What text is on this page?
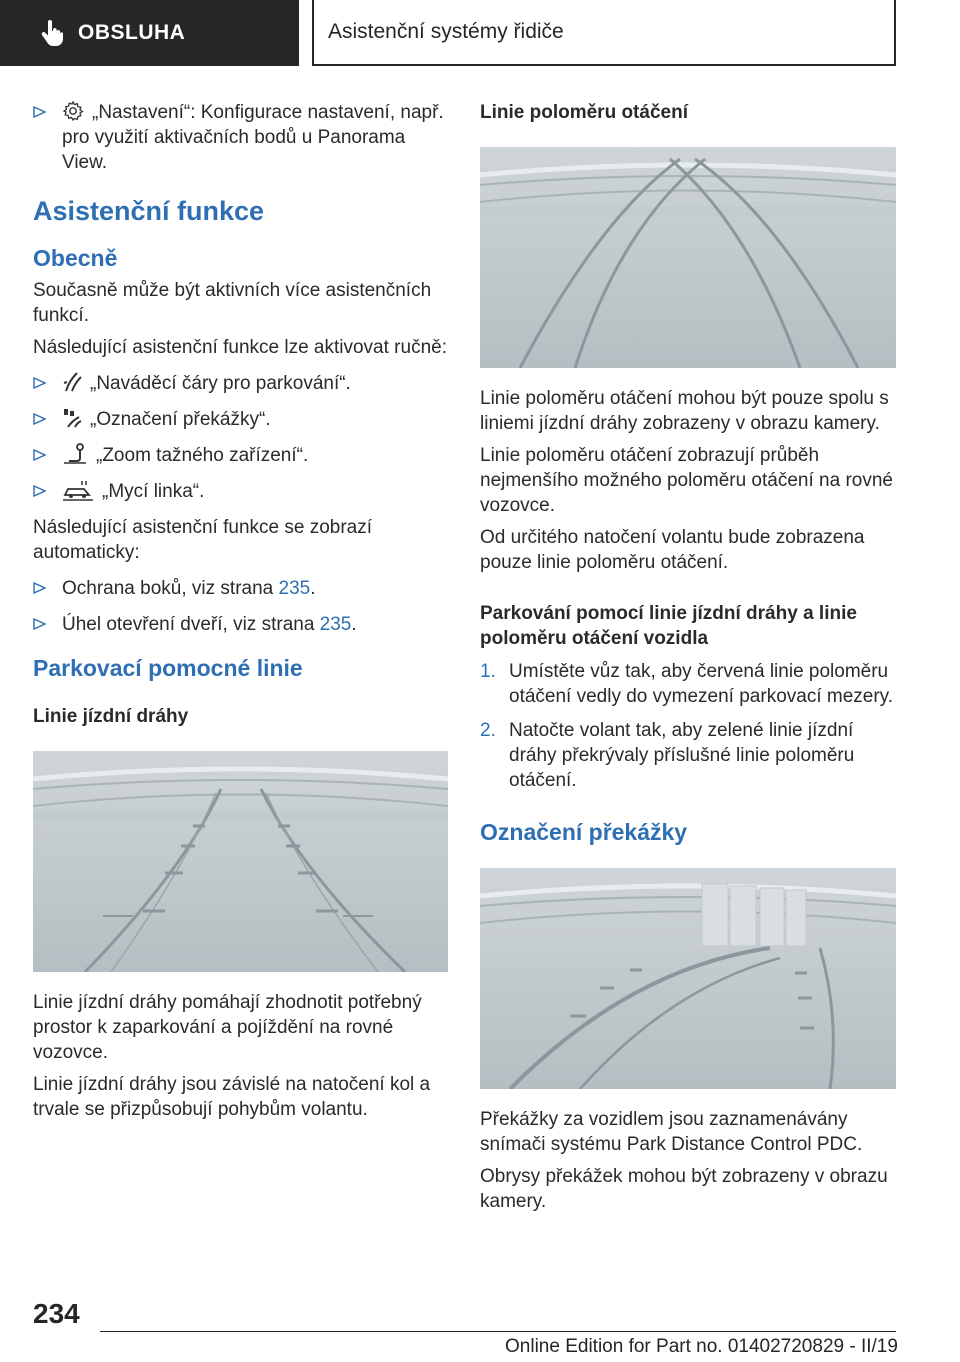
OBSLUHA	Asistenční systémy řidiče
„Nastavení“: Konfigurace nastavení, např. pro využití aktivačních bodů u Panorama View.
Asistenční funkce
Obecně

Současně může být aktivních více asistenčních funkcí.

Následující asistenční funkce lze aktivovat ručně:

„Naváděcí čáry pro parkování“.
„Označení překážky“.
„Zoom tažného zařízení“.
„Mycí linka“.

Následující asistenční funkce se zobrazí automaticky:

Ochrana boků, viz strana 235.
Úhel otevření dveří, viz strana 235.
Parkovací pomocné linie
Linie jízdní dráhy

Linie jízdní dráhy pomáhají zhodnotit potřebný prostor k zaparkování a pojíždění na rovné vozovce.

Linie jízdní dráhy jsou závislé na natočení kol a trvale se přizpůsobují pohybům volantu.

Linie poloměru otáčení

Linie poloměru otáčení mohou být pouze spolu s liniemi jízdní dráhy zobrazeny v obrazu kamery.

Linie poloměru otáčení zobrazují průběh nejmenšího možného poloměru otáčení na rovné vozovce.

Od určitého natočení volantu bude zobrazena pouze linie poloměru otáčení.

Parkování pomocí linie jízdní dráhy a linie poloměru otáčení vozidla
1. Umístěte vůz tak, aby červená linie poloměru otáčení vedly do vymezení parkovací mezery.
2. Natočte volant tak, aby zelené linie jízdní dráhy překrývaly příslušné linie poloměru otáčení.
Označení překážky

Překážky za vozidlem jsou zaznamenávány snímači systému Park Distance Control PDC.

Obrysy překážek mohou být zobrazeny v obrazu kamery.

234
Online Edition for Part no. 01402720829 - II/19
